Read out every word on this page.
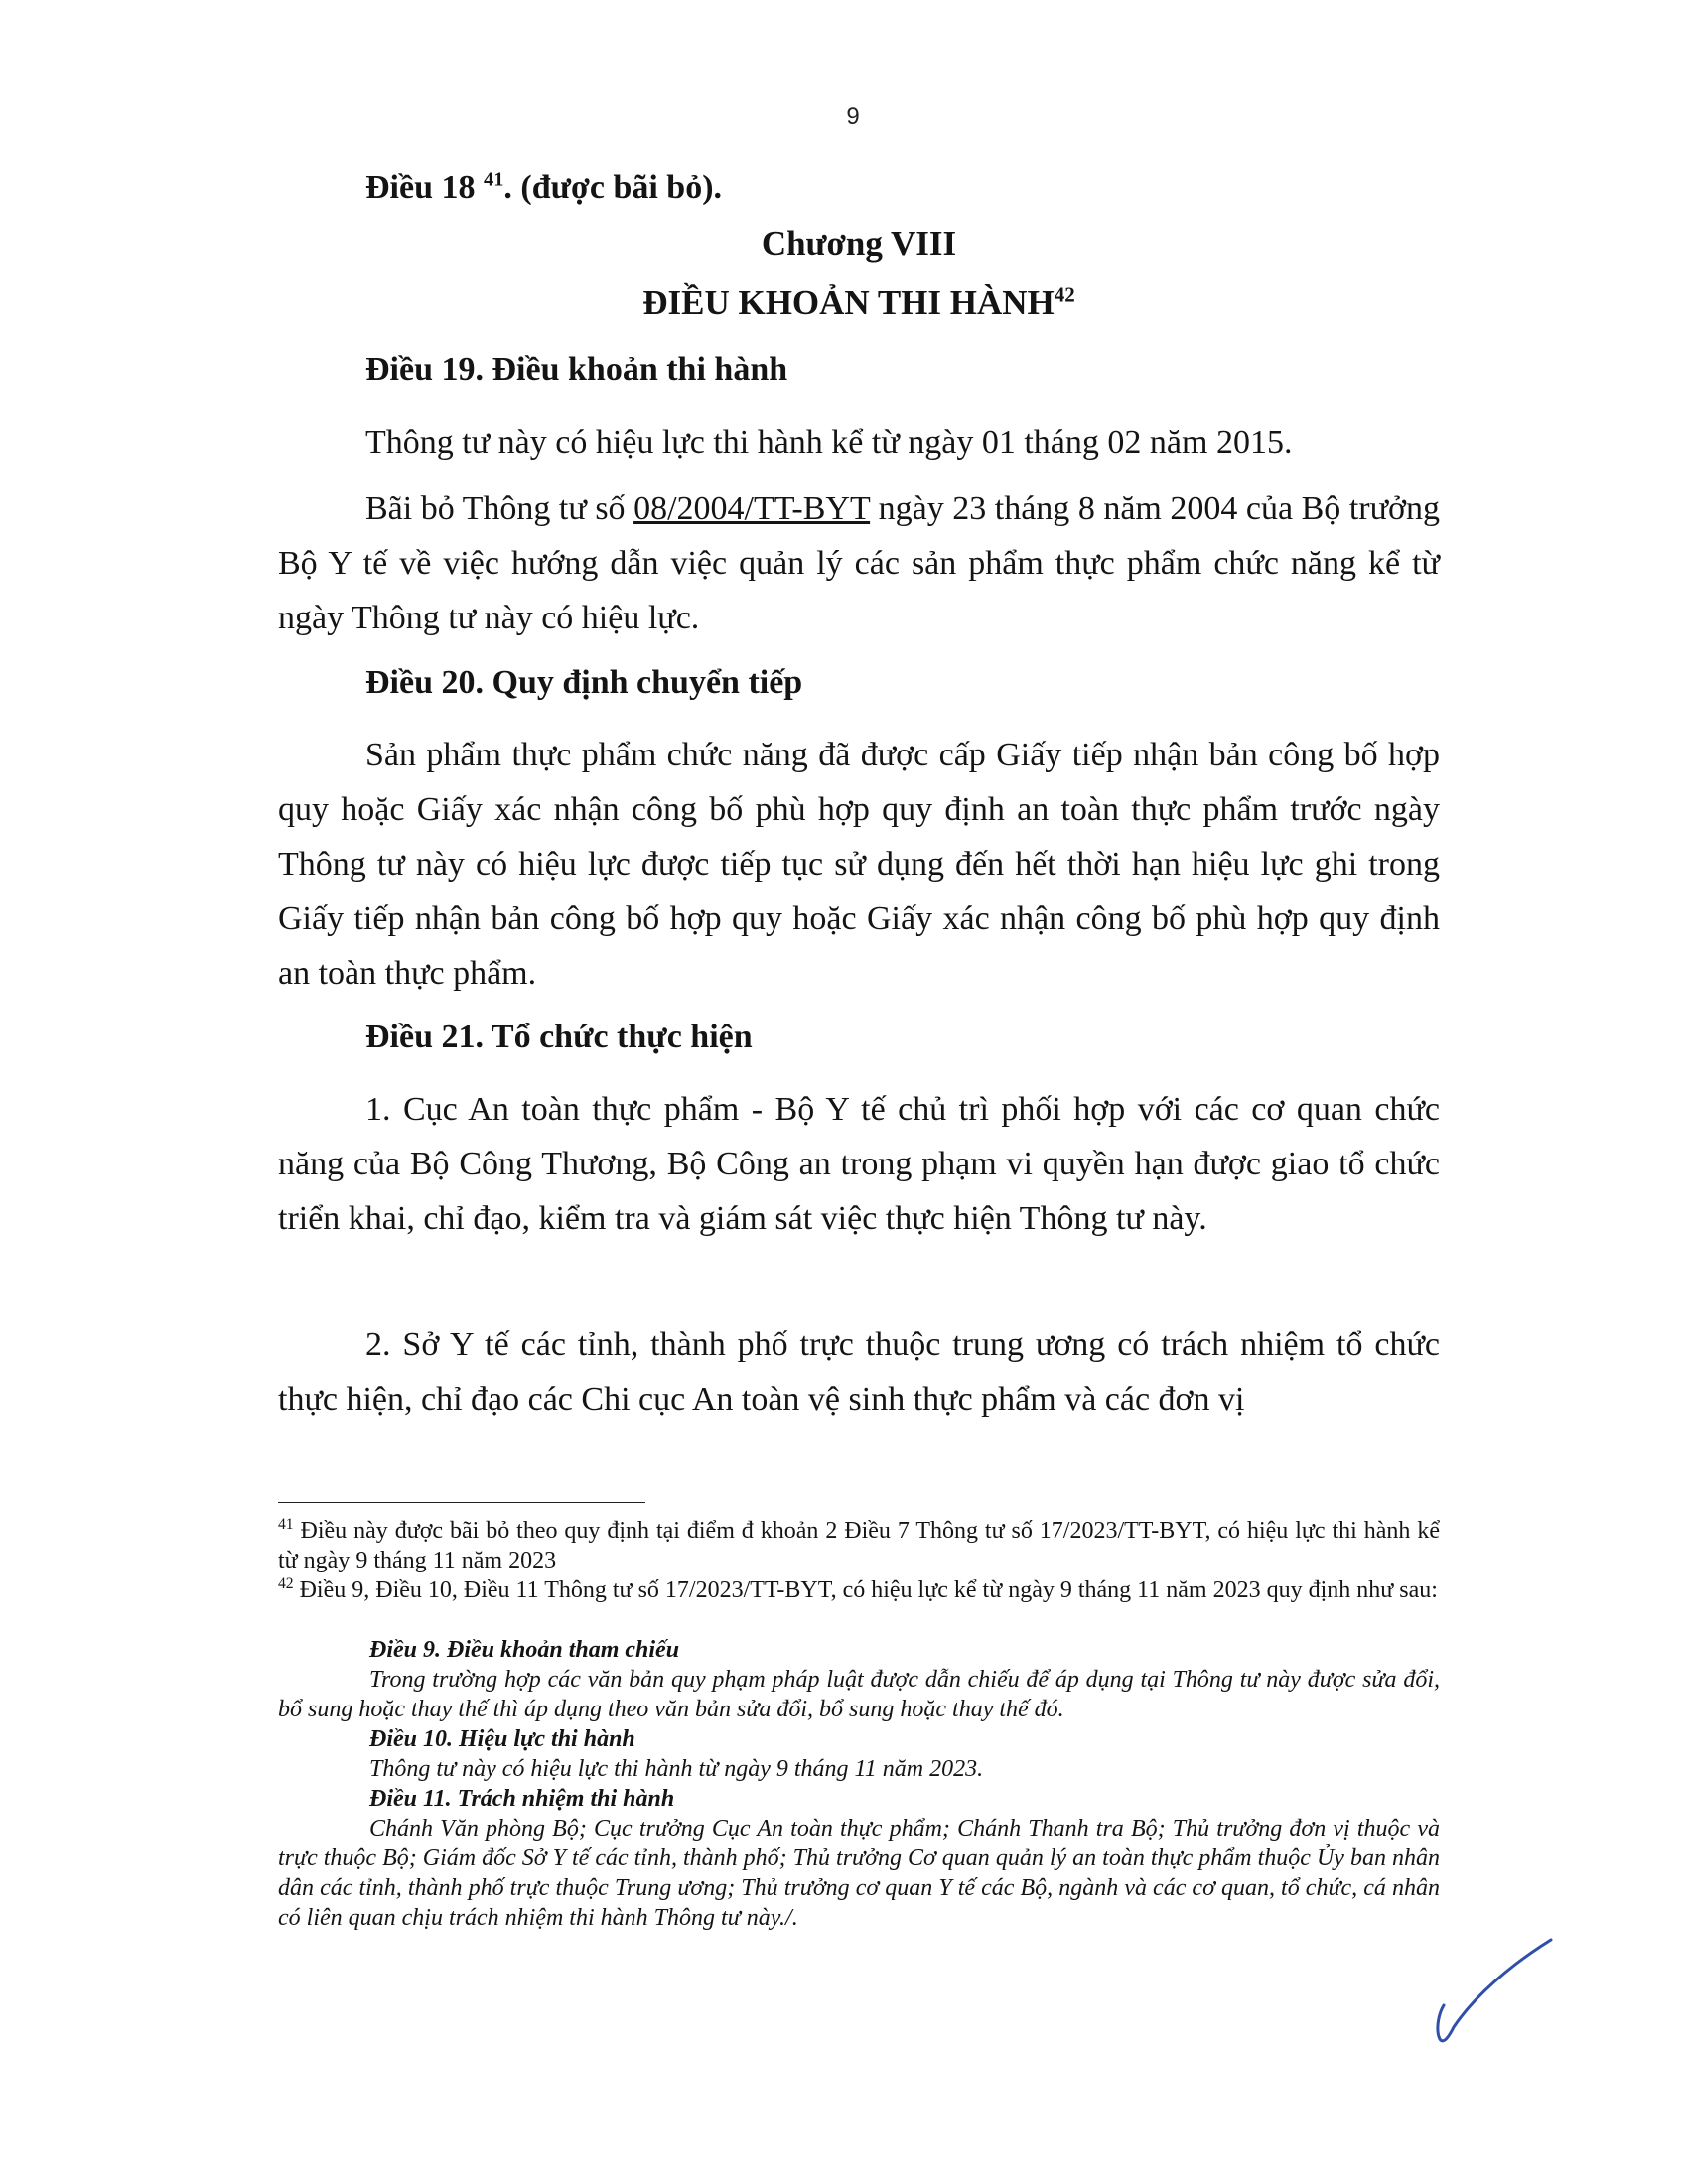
9
Điều 18 $^{41}$. (được bãi bỏ).
Chương VIII
ĐIỀU KHOẢN THI HÀNH$^{42}$
Điều 19. Điều khoản thi hành
Thông tư này có hiệu lực thi hành kể từ ngày 01 tháng 02 năm 2015.
Bãi bỏ Thông tư số 08/2004/TT-BYT ngày 23 tháng 8 năm 2004 của Bộ trưởng Bộ Y tế về việc hướng dẫn việc quản lý các sản phẩm thực phẩm chức năng kể từ ngày Thông tư này có hiệu lực.
Điều 20. Quy định chuyển tiếp
Sản phẩm thực phẩm chức năng đã được cấp Giấy tiếp nhận bản công bố hợp quy hoặc Giấy xác nhận công bố phù hợp quy định an toàn thực phẩm trước ngày Thông tư này có hiệu lực được tiếp tục sử dụng đến hết thời hạn hiệu lực ghi trong Giấy tiếp nhận bản công bố hợp quy hoặc Giấy xác nhận công bố phù hợp quy định an toàn thực phẩm.
Điều 21. Tổ chức thực hiện
1. Cục An toàn thực phẩm - Bộ Y tế chủ trì phối hợp với các cơ quan chức năng của Bộ Công Thương, Bộ Công an trong phạm vi quyền hạn được giao tổ chức triển khai, chỉ đạo, kiểm tra và giám sát việc thực hiện Thông tư này.
2. Sở Y tế các tỉnh, thành phố trực thuộc trung ương có trách nhiệm tổ chức thực hiện, chỉ đạo các Chi cục An toàn vệ sinh thực phẩm và các đơn vị
$^{41}$ Điều này được bãi bỏ theo quy định tại điểm đ khoản 2 Điều 7 Thông tư số 17/2023/TT-BYT, có hiệu lực thi hành kể từ ngày 9 tháng 11 năm 2023
$^{42}$ Điều 9, Điều 10, Điều 11 Thông tư số 17/2023/TT-BYT, có hiệu lực kể từ ngày 9 tháng 11 năm 2023 quy định như sau:
Điều 9. Điều khoản tham chiếu
Trong trường hợp các văn bản quy phạm pháp luật được dẫn chiếu để áp dụng tại Thông tư này được sửa đổi, bổ sung hoặc thay thế thì áp dụng theo văn bản sửa đổi, bổ sung hoặc thay thế đó.
Điều 10. Hiệu lực thi hành
Thông tư này có hiệu lực thi hành từ ngày 9 tháng 11 năm 2023.
Điều 11. Trách nhiệm thi hành
Chánh Văn phòng Bộ; Cục trưởng Cục An toàn thực phẩm; Chánh Thanh tra Bộ; Thủ trưởng đơn vị thuộc và trực thuộc Bộ; Giám đốc Sở Y tế các tỉnh, thành phố; Thủ trưởng Cơ quan quản lý an toàn thực phẩm thuộc Ủy ban nhân dân các tỉnh, thành phố trực thuộc Trung ương; Thủ trưởng cơ quan Y tế các Bộ, ngành và các cơ quan, tổ chức, cá nhân có liên quan chịu trách nhiệm thi hành Thông tư này./.
